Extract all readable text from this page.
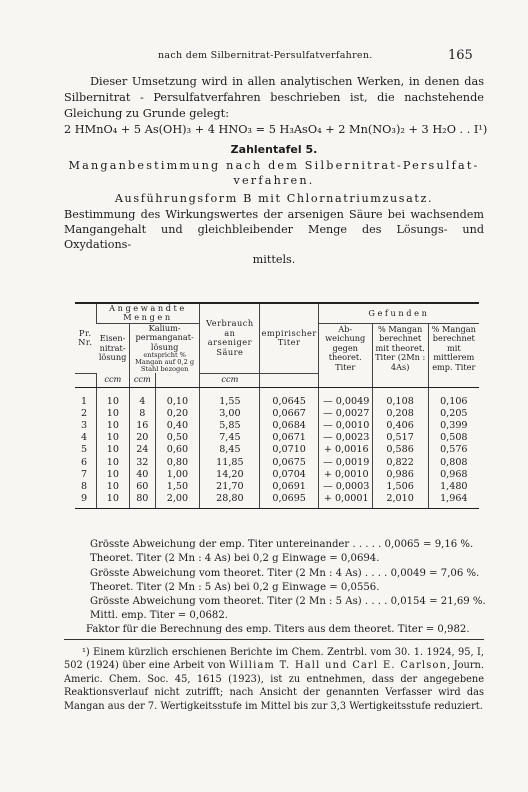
nach dem Silbernitrat-Persulfatverfahren.	165

Dieser Umsetzung wird in allen analytischen Werken, in denen das Silbernitrat - Persulfatverfahren beschrieben ist, die nachstehende Gleichung zu Grunde gelegt:

2 HMnO₄ + 5 As(OH)₃ + 4 HNO₃ = 5 H₃AsO₄ + 2 Mn(NO₃)₂ + 3 H₂O . . I¹)
Zahlentafel 5.
Manganbestimmung nach dem Silbernitrat-Persulfat-
verfahren.
Ausführungsform B mit Chlornatriumzusatz.
Bestimmung des Wirkungswertes der arsenigen Säure bei wachsendem Mangangehalt und gleichbleibender Menge des Lösungs- und Oxydations-
mittels.
Pr. Nr.	Angewandte Mengen			Verbrauch an arseniger Säure	empirischer Titer	Gefunden		
	Eisen- nitrat- lösung	Kalium- permanganat- lösung
entspricht % Mangan auf 0,2 g Stahl bezogen				Ab- weichung gegen theoret. Titer	% Mangan berechnet mit theoret. Titer (2Mn : 4As)	% Mangan berechnet mit mittlerem emp. Titer
	ccm	ccm		ccm				
1	10	4	0,10	1,55	0,0645	— 0,0049	0,108	0,106
2	10	8	0,20	3,00	0,0667	— 0,0027	0,208	0,205
3	10	16	0,40	5,85	0,0684	— 0,0010	0,406	0,399
4	10	20	0,50	7,45	0,0671	— 0,0023	0,517	0,508
5	10	24	0,60	8,45	0,0710	+ 0,0016	0,586	0,576
6	10	32	0,80	11,85	0,0675	— 0,0019	0,822	0,808
7	10	40	1,00	14,20	0,0704	+ 0,0010	0,986	0,968
8	10	60	1,50	21,70	0,0691	— 0,0003	1,506	1,480
9	10	80	2,00	28,80	0,0695	+ 0,0001	2,010	1,964
Grösste Abweichung der emp. Titer untereinander . . . . . 0,0065 = 9,16 %.
Theoret. Titer (2 Mn : 4 As) bei 0,2 g Einwage = 0,0694.
Grösste Abweichung vom theoret. Titer (2 Mn : 4 As) . . . . 0,0049 = 7,06 %.
Theoret. Titer (2 Mn : 5 As) bei 0,2 g Einwage = 0,0556.
Grösste Abweichung vom theoret. Titer (2 Mn : 5 As) . . . . 0,0154 = 21,69 %.
Mittl. emp. Titer = 0,0682.
Faktor für die Berechnung des emp. Titers aus dem theoret. Titer = 0,982.
¹) Einem kürzlich erschienen Berichte im Chem. Zentrbl. vom 30. 1. 1924, 95, I, 502 (1924) über eine Arbeit von William T. Hall und Carl E. Carlson, Journ. Americ. Chem. Soc. 45, 1615 (1923), ist zu entnehmen, dass der angegebene Reaktionsverlauf nicht zutrifft; nach Ansicht der genannten Verfasser wird das Mangan aus der 7. Wertigkeitsstufe im Mittel bis zur 3,3 Wertigkeitsstufe reduziert.
